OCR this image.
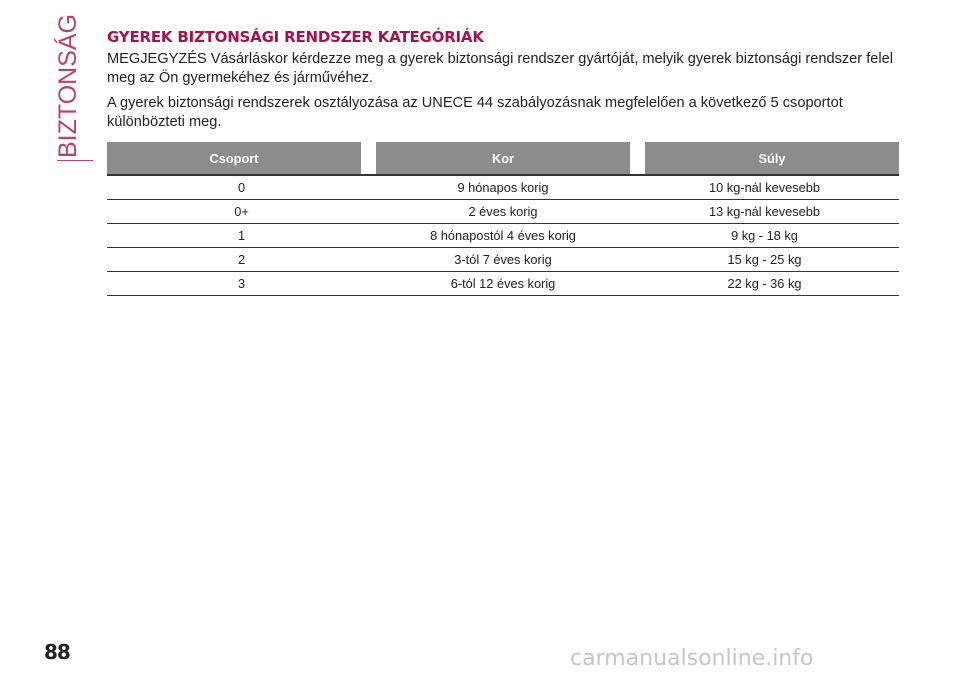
BIZTONSÁG GYEREK BIZTONSÁGI RENDSZER KATEGÓRIÁK

MEGJEGYZÉS Vásárláskor kérdezze meg a gyerek biztonsági rendszer gyártóját, melyik gyerek biztonsági rendszer felel meg az Ön gyermekéhez és járművéhez.

A gyerek biztonsági rendszerek osztályozása az UNECE 44 szabályozásnak megfelelően a következő 5 csoportot különbözteti meg.

Csoport		Kor		Súly
0		9 hónapos korig	10 kg-nál kevesebb	
0+		2 éves korig	13 kg-nál kevesebb	
1		8 hónapostól 4 éves korig	9 kg - 18 kg	
2		3-tól 7 éves korig	15 kg - 25 kg	
3		6-tól 12 éves korig	22 kg - 36 kg	
88	carmanualsonline.info
